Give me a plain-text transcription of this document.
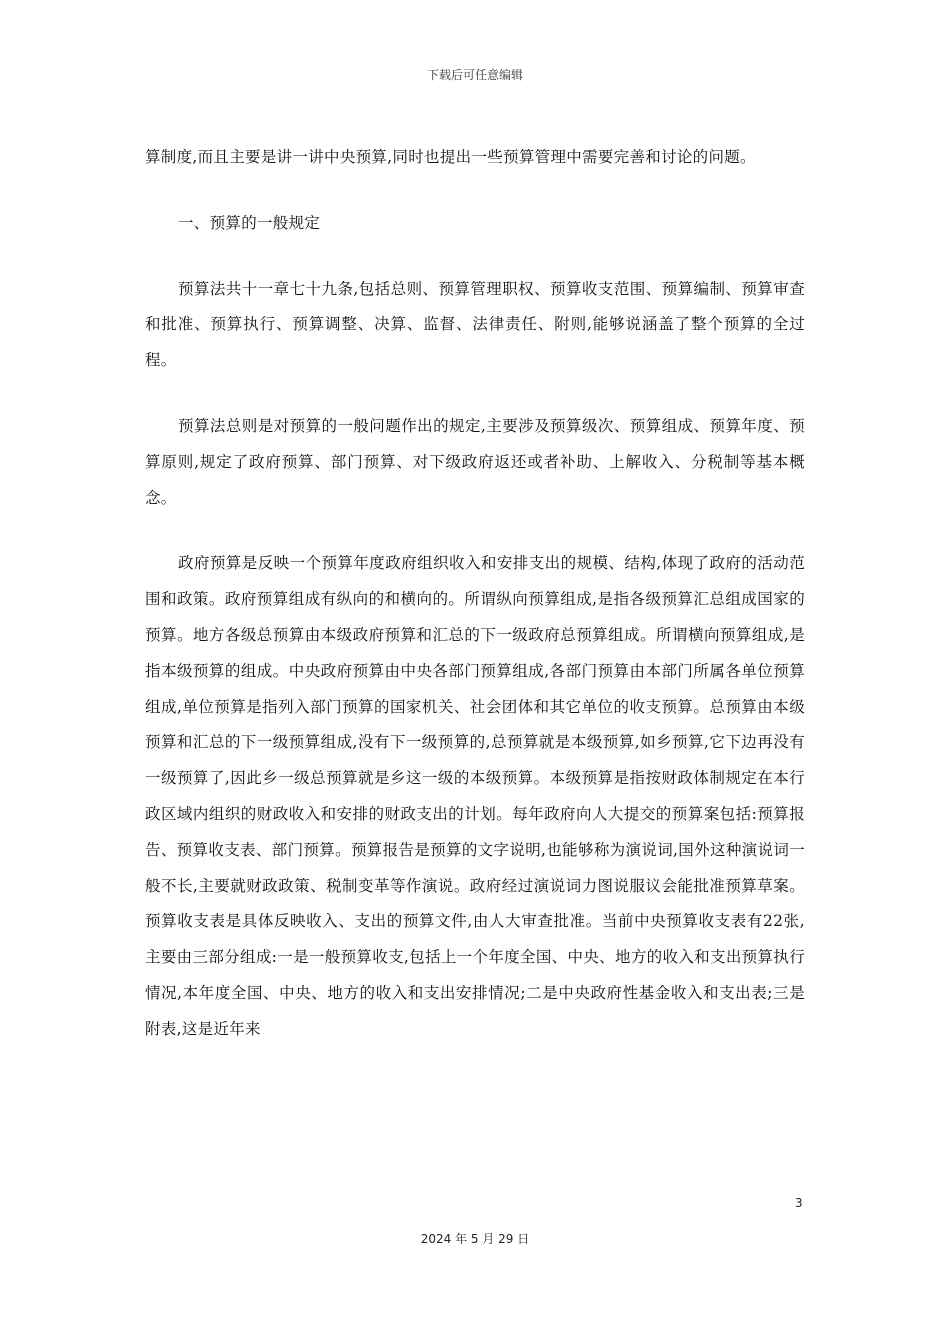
下载后可任意编辑

算制度,而且主要是讲一讲中央预算,同时也提出一些预算管理中需要完善和讨论的问题。

一、预算的一般规定

预算法共十一章七十九条,包括总则、预算管理职权、预算收支范围、预算编制、预算审查和批准、预算执行、预算调整、决算、监督、法律责任、附则,能够说涵盖了整个预算的全过程。

预算法总则是对预算的一般问题作出的规定,主要涉及预算级次、预算组成、预算年度、预算原则,规定了政府预算、部门预算、对下级政府返还或者补助、上解收入、分税制等基本概念。

政府预算是反映一个预算年度政府组织收入和安排支出的规模、结构,体现了政府的活动范围和政策。政府预算组成有纵向的和横向的。所谓纵向预算组成,是指各级预算汇总组成国家的预算。地方各级总预算由本级政府预算和汇总的下一级政府总预算组成。所谓横向预算组成,是指本级预算的组成。中央政府预算由中央各部门预算组成,各部门预算由本部门所属各单位预算组成,单位预算是指列入部门预算的国家机关、社会团体和其它单位的收支预算。总预算由本级预算和汇总的下一级预算组成,没有下一级预算的,总预算就是本级预算,如乡预算,它下边再没有一级预算了,因此乡一级总预算就是乡这一级的本级预算。本级预算是指按财政体制规定在本行政区域内组织的财政收入和安排的财政支出的计划。每年政府向人大提交的预算案包括:预算报告、预算收支表、部门预算。预算报告是预算的文字说明,也能够称为演说词,国外这种演说词一般不长,主要就财政政策、税制变革等作演说。政府经过演说词力图说服议会能批准预算草案。预算收支表是具体反映收入、支出的预算文件,由人大审查批准。当前中央预算收支表有22张,主要由三部分组成:一是一般预算收支,包括上一个年度全国、中央、地方的收入和支出预算执行情况,本年度全国、中央、地方的收入和支出安排情况;二是中央政府性基金收入和支出表;三是附表,这是近年来

3
2024 年 5 月 29 日
